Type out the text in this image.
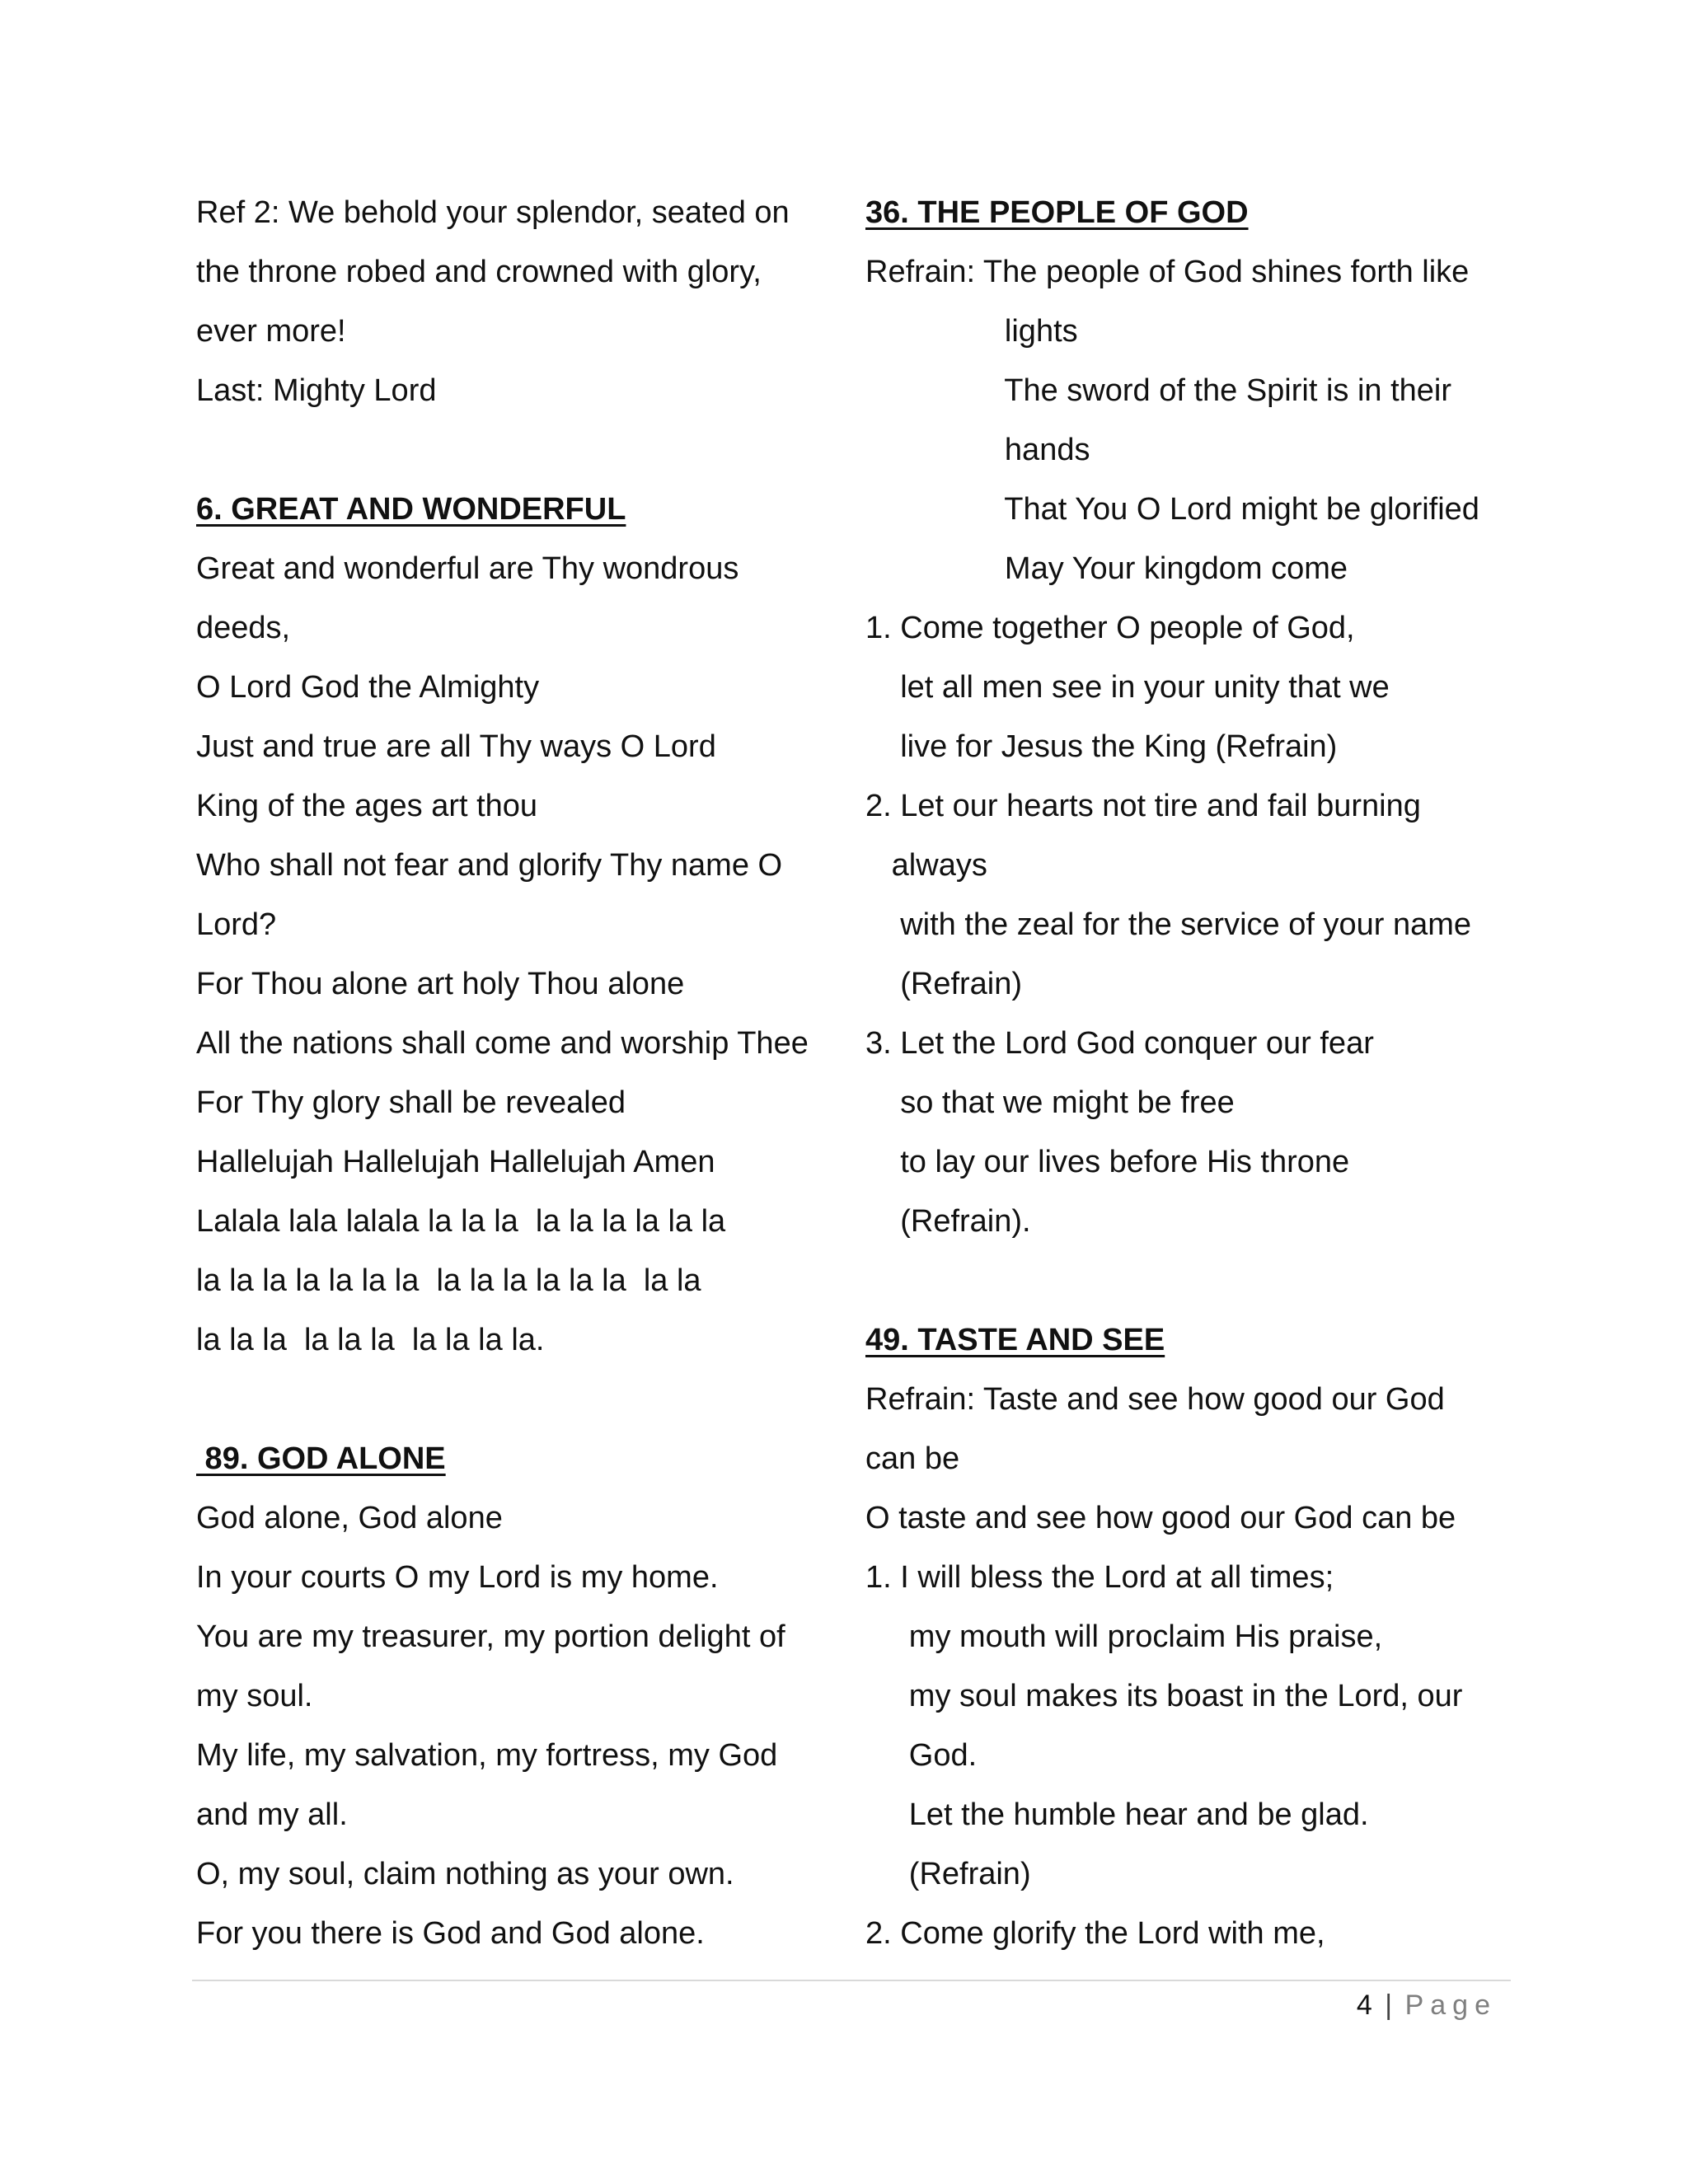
Ref 2: We behold your splendor, seated on
the throne robed and crowned with glory,
ever more!
Last: Mighty Lord
6. GREAT AND WONDERFUL
Great and wonderful are Thy wondrous
deeds,
O Lord God the Almighty
Just and true are all Thy ways O Lord
King of the ages art thou
Who shall not fear and glorify Thy name O
Lord?
For Thou alone art holy Thou alone
All the nations shall come and worship Thee
For Thy glory shall be revealed
Hallelujah Hallelujah Hallelujah Amen
Lalala lala lalala la la la  la la la la la la
la la la la la la la  la la la la la la  la la
la la la  la la la  la la la la.
89. GOD ALONE
God alone, God alone
In your courts O my Lord is my home.
You are my treasurer, my portion delight of
my soul.
My life, my salvation, my fortress, my God
and my all.
O, my soul, claim nothing as your own.
For you there is God and God alone.
36. THE PEOPLE OF GOD
Refrain: The people of God shines forth like
lights
The sword of the Spirit is in their
hands
That You O Lord might be glorified
May Your kingdom come
1. Come together O people of God,
let all men see in your unity that we
live for Jesus the King (Refrain)
2. Let our hearts not tire and fail burning
always
with the zeal for the service of your name
(Refrain)
3. Let the Lord God conquer our fear
so that we might be free
to lay our lives before His throne
(Refrain).
49. TASTE AND SEE
Refrain: Taste and see how good our God
can be
O taste and see how good our God can be
1. I will bless the Lord at all times;
my mouth will proclaim His praise,
my soul makes its boast in the Lord, our
God.
Let the humble hear and be glad.
(Refrain)
2. Come glorify the Lord with me,
4 | Page
